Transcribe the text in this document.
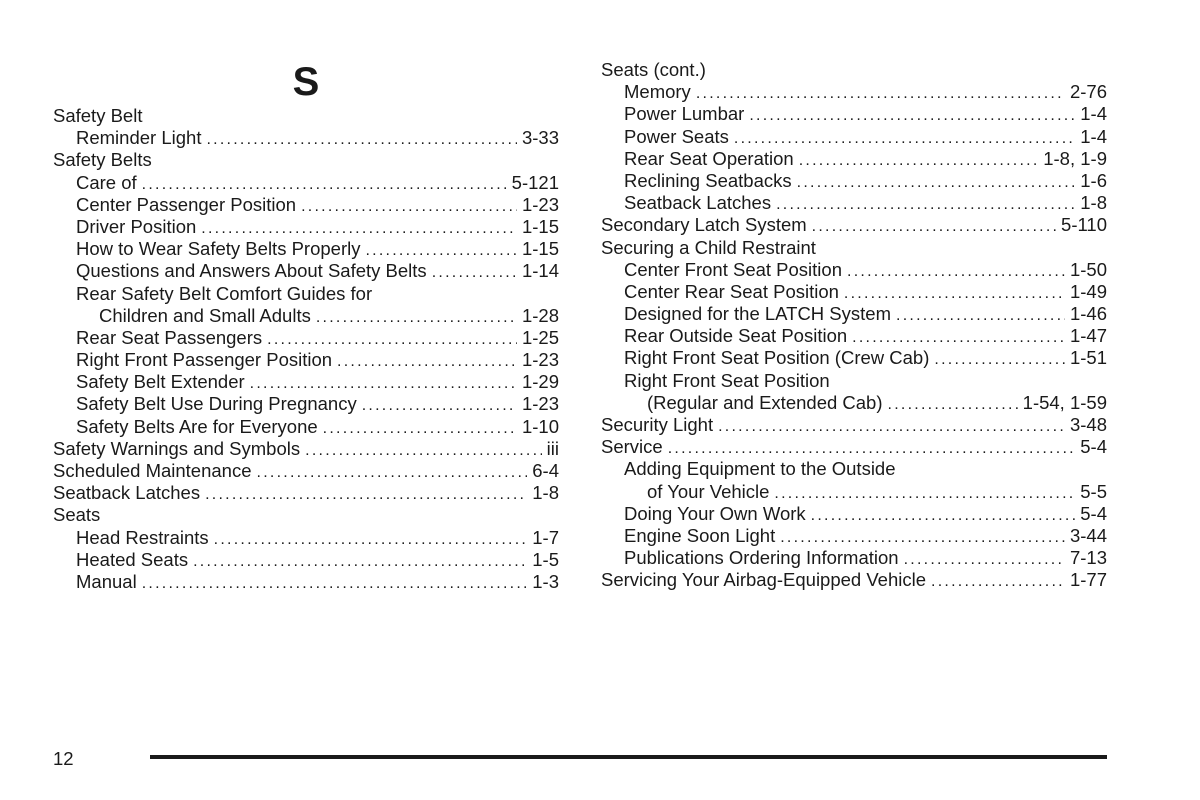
S
Safety Belt
Reminder Light . . .	3-33
Safety Belts
Care of . . .	5-121
Center Passenger Position . . .	1-23
Driver Position . . .	1-15
How to Wear Safety Belts Properly . . .	1-15
Questions and Answers About Safety Belts . . .	1-14
Rear Safety Belt Comfort Guides for
Children and Small Adults . . .	1-28
Rear Seat Passengers . . .	1-25
Right Front Passenger Position . . .	1-23
Safety Belt Extender . . .	1-29
Safety Belt Use During Pregnancy . . .	1-23
Safety Belts Are for Everyone . . .	1-10
Safety Warnings and Symbols . . .	iii
Scheduled Maintenance . . .	6-4
Seatback Latches . . .	1-8
Seats
Head Restraints . . .	1-7
Heated Seats . . .	1-5
Manual . . .	1-3
Seats (cont.)
Memory . . .	2-76
Power Lumbar . . .	1-4
Power Seats . . .	1-4
Rear Seat Operation . . .	1-8, 1-9
Reclining Seatbacks . . .	1-6
Seatback Latches . . .	1-8
Secondary Latch System . . .	5-110
Securing a Child Restraint
Center Front Seat Position . . .	1-50
Center Rear Seat Position . . .	1-49
Designed for the LATCH System . . .	1-46
Rear Outside Seat Position . . .	1-47
Right Front Seat Position (Crew Cab) . . .	1-51
Right Front Seat Position
(Regular and Extended Cab) . . .	1-54, 1-59
Security Light . . .	3-48
Service . . .	5-4
Adding Equipment to the Outside
of Your Vehicle . . .	5-5
Doing Your Own Work . . .	5-4
Engine Soon Light . . .	3-44
Publications Ordering Information . . .	7-13
Servicing Your Airbag-Equipped Vehicle . . .	1-77
12
